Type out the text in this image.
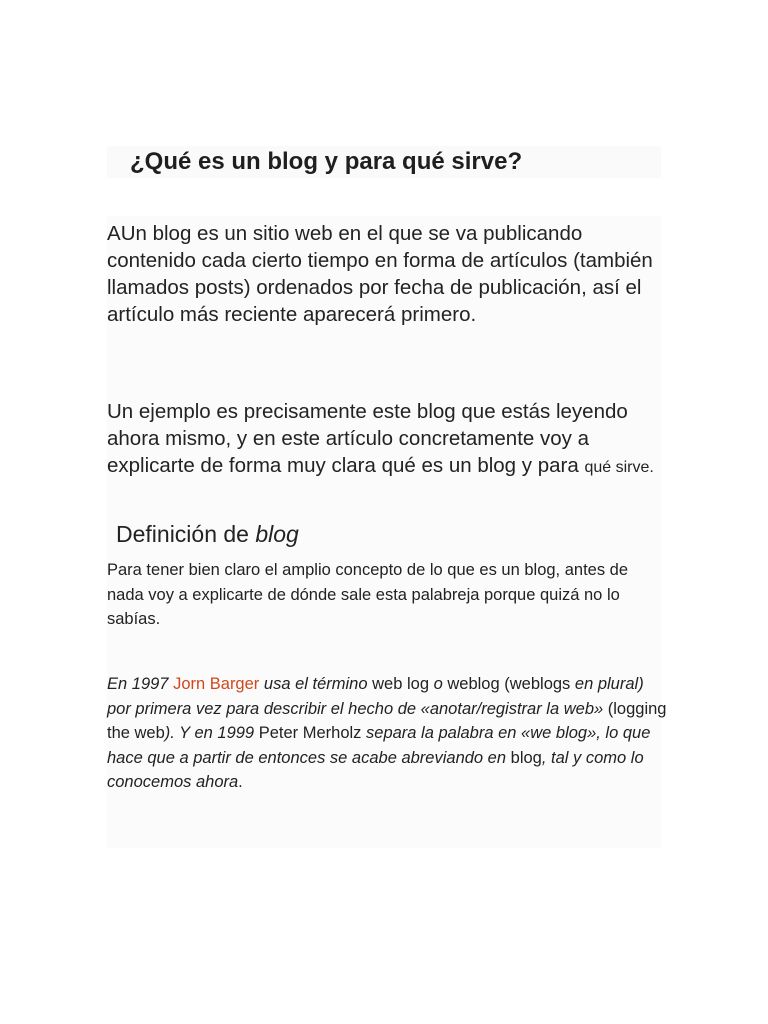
¿Qué es un blog y para qué sirve?

AUn blog es un sitio web en el que se va publicando contenido cada cierto tiempo en forma de artículos (también llamados posts) ordenados por fecha de publicación, así el artículo más reciente aparecerá primero.

Un ejemplo es precisamente este blog que estás leyendo ahora mismo, y en este artículo concretamente voy a explicarte de forma muy clara qué es un blog y para qué sirve.

Definición de blog

Para tener bien claro el amplio concepto de lo que es un blog, antes de nada voy a explicarte de dónde sale esta palabreja porque quizá no lo sabías.

En 1997 Jorn Barger usa el término web log o weblog (weblogs en plural) por primera vez para describir el hecho de «anotar/registrar la web» (logging the web). Y en 1999 Peter Merholz separa la palabra en «we blog», lo que hace que a partir de entonces se acabe abreviando en blog, tal y como lo conocemos ahora.
